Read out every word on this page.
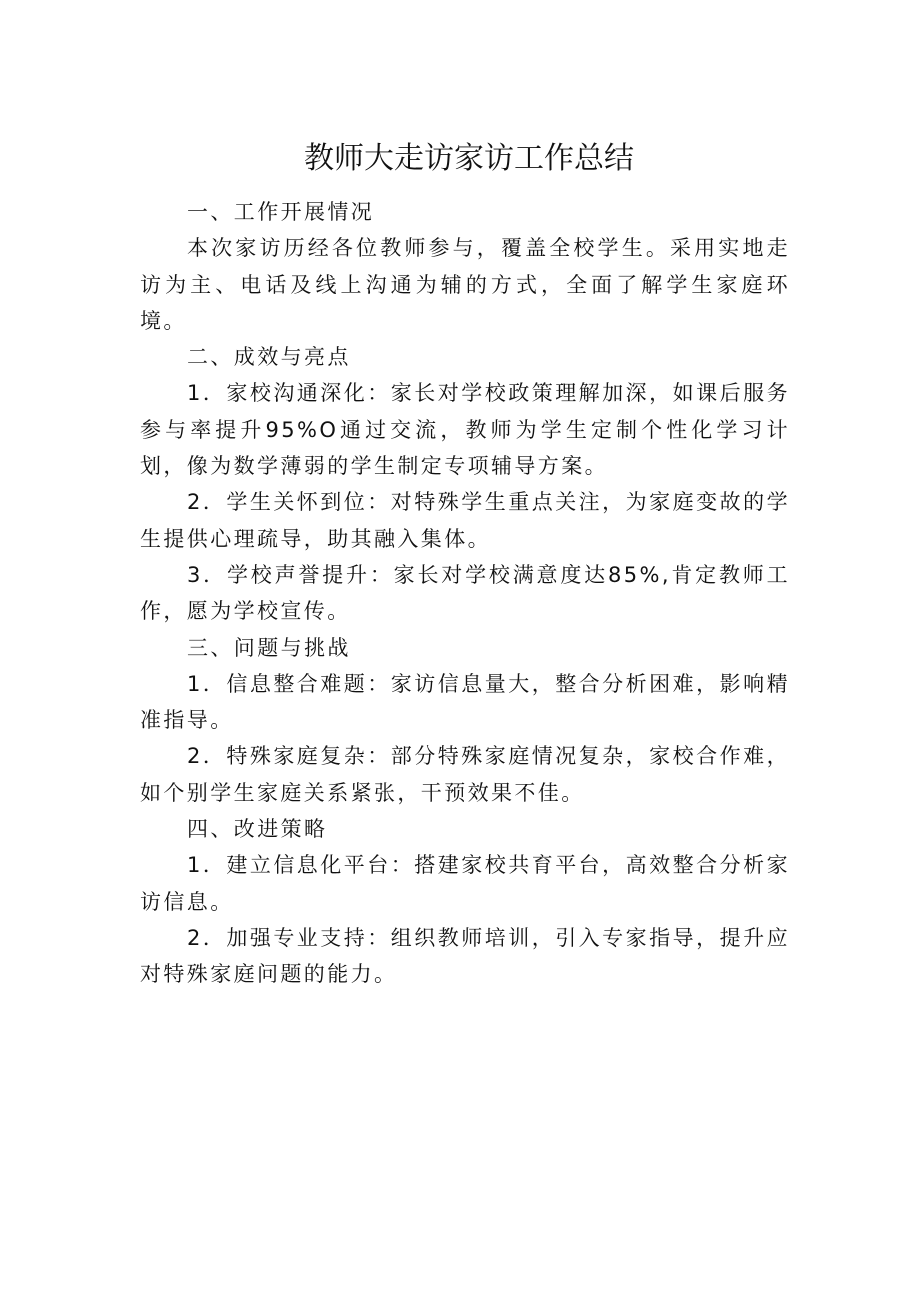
教师大走访家访工作总结

一、工作开展情况

本次家访历经各位教师参与，覆盖全校学生。采用实地走访为主、电话及线上沟通为辅的方式，全面了解学生家庭环境。

二、成效与亮点

1．家校沟通深化：家长对学校政策理解加深，如课后服务参与率提升95%O通过交流，教师为学生定制个性化学习计划，像为数学薄弱的学生制定专项辅导方案。

2．学生关怀到位：对特殊学生重点关注，为家庭变故的学生提供心理疏导，助其融入集体。

3．学校声誉提升：家长对学校满意度达85%,肯定教师工作，愿为学校宣传。

三、问题与挑战

1．信息整合难题：家访信息量大，整合分析困难，影响精准指导。

2．特殊家庭复杂：部分特殊家庭情况复杂，家校合作难，如个别学生家庭关系紧张，干预效果不佳。

四、改进策略

1．建立信息化平台：搭建家校共育平台，高效整合分析家访信息。

2．加强专业支持：组织教师培训，引入专家指导，提升应对特殊家庭问题的能力。
